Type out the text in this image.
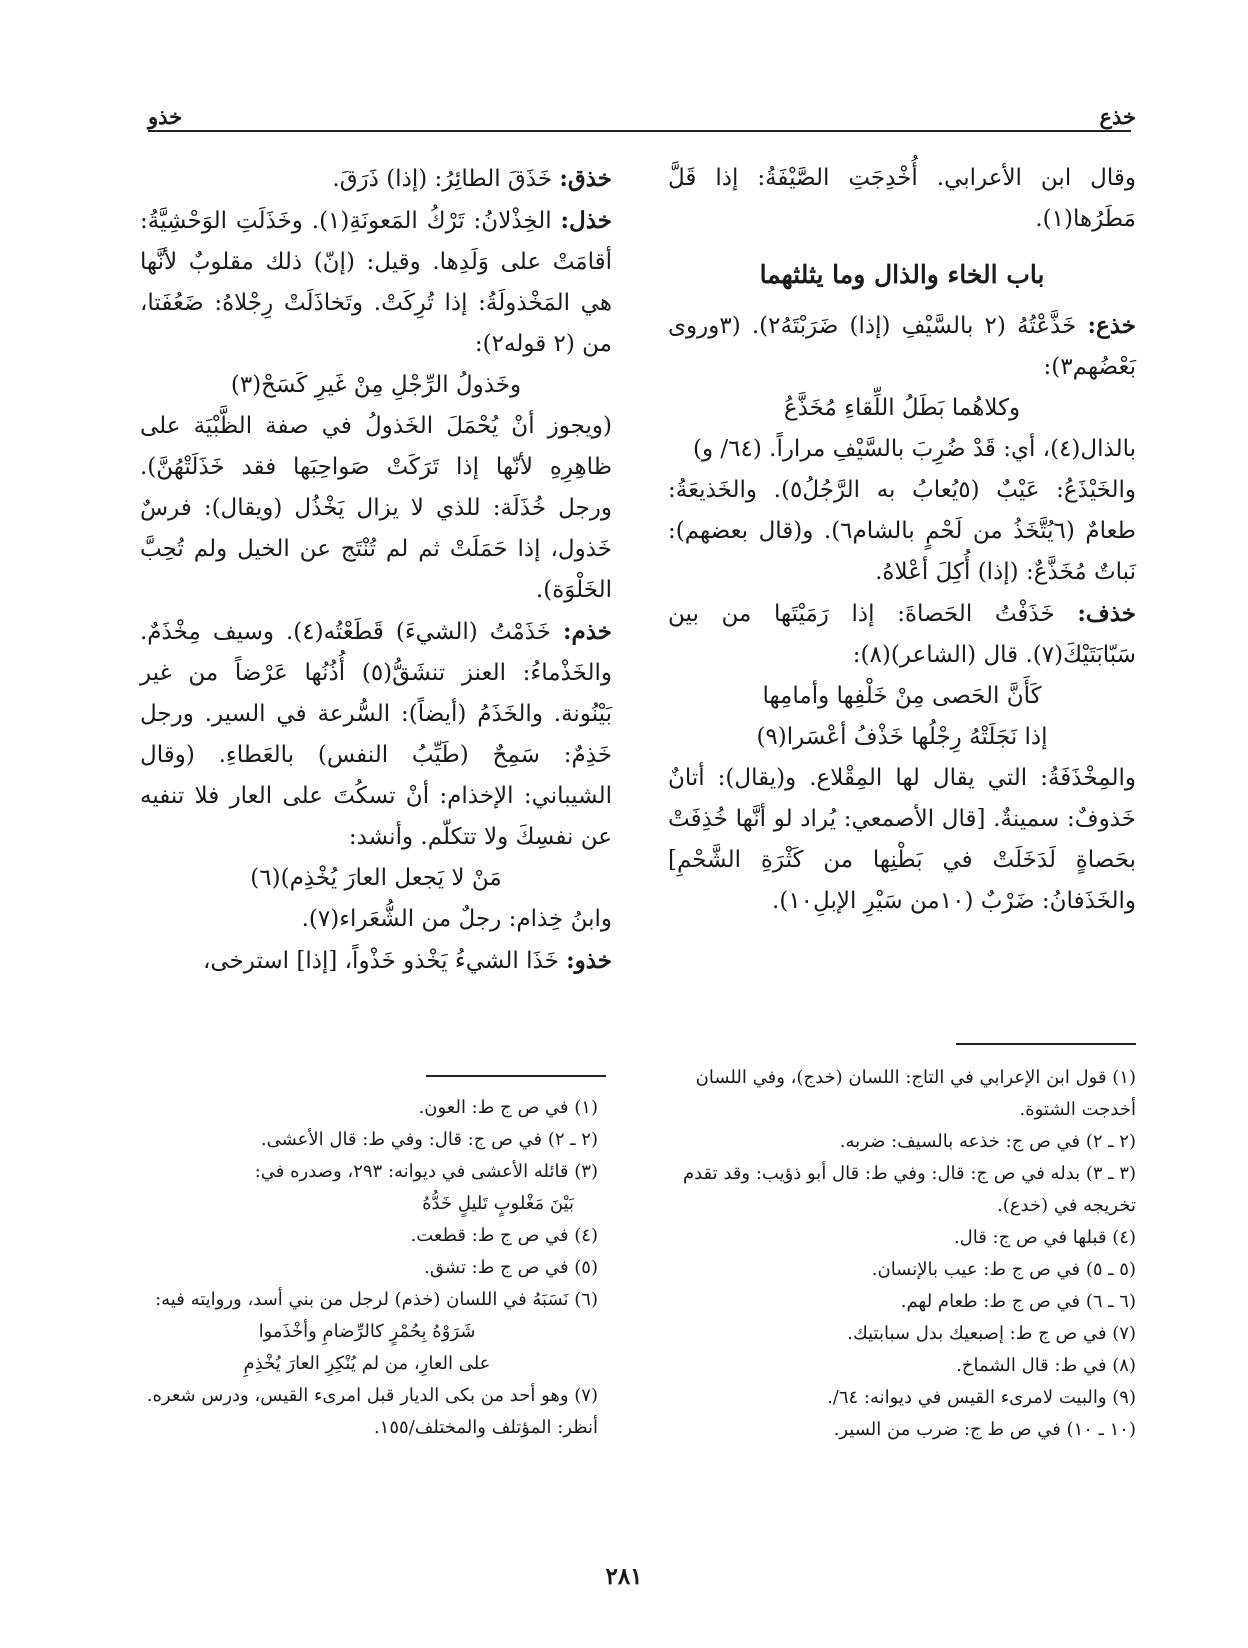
خذع
خذو

وقال ابن الأعرابي. أُخْدِجَتِ الصَّيْفَةُ: إذا قَلَّ مَطَرُها(١).

باب الخاء والذال وما يثلثهما

خذع: خَذَّعْتُهُ (٢ بالسَّيْفِ (إذا) ضَرَبْتَهُ٢). (٣وروى بَعْضُهم٣):

وكلاهُما بَطَلُ اللِّقاءِ مُخَذَّعُ

بالذال(٤)، أي: قَدْ ضُرِبَ بالسَّيْفِ مراراً. (٦٤/ و)

والخَيْذَعُ: عَيْبٌ (٥يُعابُ به الرَّجُلُ٥). والخَذيعَةُ: طعامٌ (٦يُتَّخَذُ من لَحْمٍ بالشام٦). و(قال بعضهم): نَباتٌ مُخَذَّعٌ: (إذا) أُكِلَ أعْلاهُ.

خذف: خَذَفْتُ الحَصاةَ: إذا رَمَيْتَها من بين سَبّابَتَيْكَ(٧). قال (الشاعر)(٨):

كَأَنَّ الحَصى مِنْ خَلْفِها وأمامِها

إذا نَجَلَتْهُ رِجْلُها خَذْفُ أعْسَرا(٩)

والمِخْذَفَةُ: التي يقال لها المِقْلاع. و(يقال): أتانٌ خَذوفٌ: سمينةٌ. [قال الأصمعي: يُراد لو أنَّها خُذِفَتْ بحَصاةٍ لَدَخَلَتْ في بَطْنِها من كَثْرَةِ الشَّحْمِ] والخَذَفانُ: ضَرْبٌ (١٠من سَيْرِ الإبلِ١٠).

خذق: خَذَقَ الطائِرُ: (إذا) ذَرَقَ.

خذل: الخِذْلانُ: تَرْكُ المَعونَةِ(١). وخَذَلَتِ الوَحْشِيَّةُ: أقامَتْ على وَلَدِها. وقيل: (إنّ) ذلك مقلوبٌ لأنَّها هي المَخْذولَةُ: إذا تُرِكَتْ. وتَخاذَلَتْ رِجْلاهُ: ضَعُفَتا، من (٢ قوله٢):

وخَذولُ الرِّجْلِ مِنْ غَيرِ كَسَحْ(٣)

(ويجوز أنْ يُحْمَلَ الخَذولُ في صفة الظَّبْيَة على ظاهِرِهِ لأنّها إذا تَرَكَتْ صَواحِبَها فقد خَذَلَتْهُنَّ). ورجل خُذَلَة: للذي لا يزال يَخْذُل (ويقال): فرسٌ خَذول، إذا حَمَلَتْ ثم لم تُنْتَج عن الخيل ولم تُحِبَّ الخَلْوَة).

خذم: خَذَمْتُ (الشيءَ) قَطَعْتُه(٤). وسيف مِخْذَمٌ. والخَذْماءُ: العنز تنشَقُّ(٥) أُذُنُها عَرْضاً من غير بَيْنُونة. والخَذَمُ (أيضاً): السُّرعة في السير. ورجل خَذِمٌ: سَمِحٌ (طَيِّبُ النفس) بالعَطاءِ. (وقال الشيباني: الإخذام: أنْ تسكُتَ على العار فلا تنفيه عن نفسِكَ ولا تتكلّم. وأنشد:

مَنْ لا يَجعل العارَ يُخْذِم)(٦)

وابنُ خِذام: رجلٌ من الشُّعَراء(٧).

خذو: خَذَا الشيءُ يَخْذو خَذْواً، [إذا] استرخى،

(١) قول ابن الإعرابي في التاج: اللسان (خدج)، وفي اللسان أخدجت الشتوة.

(٢ ـ ٢) في ص ج: خذعه بالسيف: ضربه.

(٣ ـ ٣) بدله في ص ج: قال: وفي ط: قال أبو ذؤيب: وقد تقدم تخريجه في (خدع).

(٤) قبلها في ص ج: قال.

(٥ ـ ٥) في ص ج ط: عيب بالإنسان.

(٦ ـ ٦) في ص ج ط: طعام لهم.

(٧) في ص ج ط: إصبعيك بدل سبابتيك.

(٨) في ط: قال الشماخ.

(٩) والبيت لامرىء القيس في ديوانه: ٦٤/.

(١٠ ـ ١٠) في ص ط ج: ضرب من السير.

(١) في ص ج ط: العون.

(٢ ـ ٢) في ص ج: قال: وفي ط: قال الأعشى.

(٣) قائله الأعشى في ديوانه: ٢٩٣، وصدره في:

بَيْنَ مَغْلوبٍ تَليلٍ خَدُّهُ

(٤) في ص ج ط: قطعت.

(٥) في ص ج ط: تشق.

(٦) نَسَبَهُ في اللسان (خذم) لرجل من بني أسد، وروايته فيه:

شَرَوْهُ بِحُمْرٍ كالرِّضامِ وأخْذَموا

على العارِ، من لم يُنْكِرِ العارَ يُخْذِمِ

(٧) وهو أحد من بكى الديار قبل امرىء القيس، ودرس شعره.

أنظر: المؤتلف والمختلف/١٥٥.

٢٨١
